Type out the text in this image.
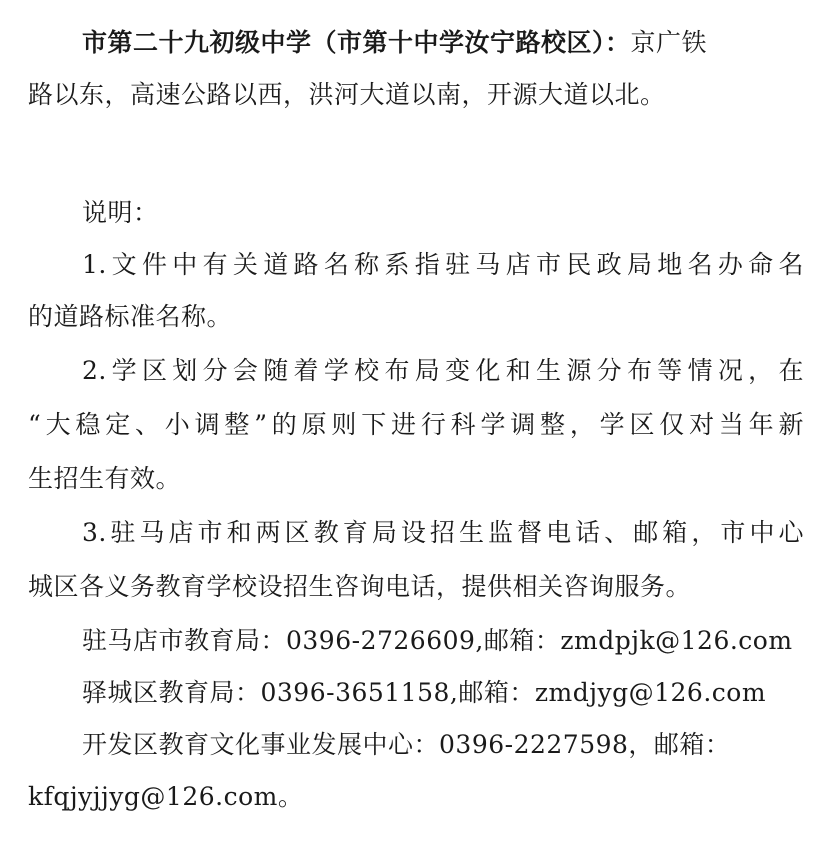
市第二十九初级中学（市第十中学汝宁路校区）：京广铁
路以东，高速公路以西，洪河大道以南，开源大道以北。
说明：
1.文件中有关道路名称系指驻马店市民政局地名办命名
的道路标准名称。
2.学区划分会随着学校布局变化和生源分布等情况，在
“大稳定、小调整”的原则下进行科学调整，学区仅对当年新
生招生有效。
3.驻马店市和两区教育局设招生监督电话、邮箱，市中心
城区各义务教育学校设招生咨询电话，提供相关咨询服务。
驻马店市教育局：0396-2726609,邮箱：zmdpjk@126.com
驿城区教育局：0396-3651158,邮箱：zmdjyg@126.com
开发区教育文化事业发展中心：0396-2227598，邮箱：
kfqjyjjyg@126.com。
